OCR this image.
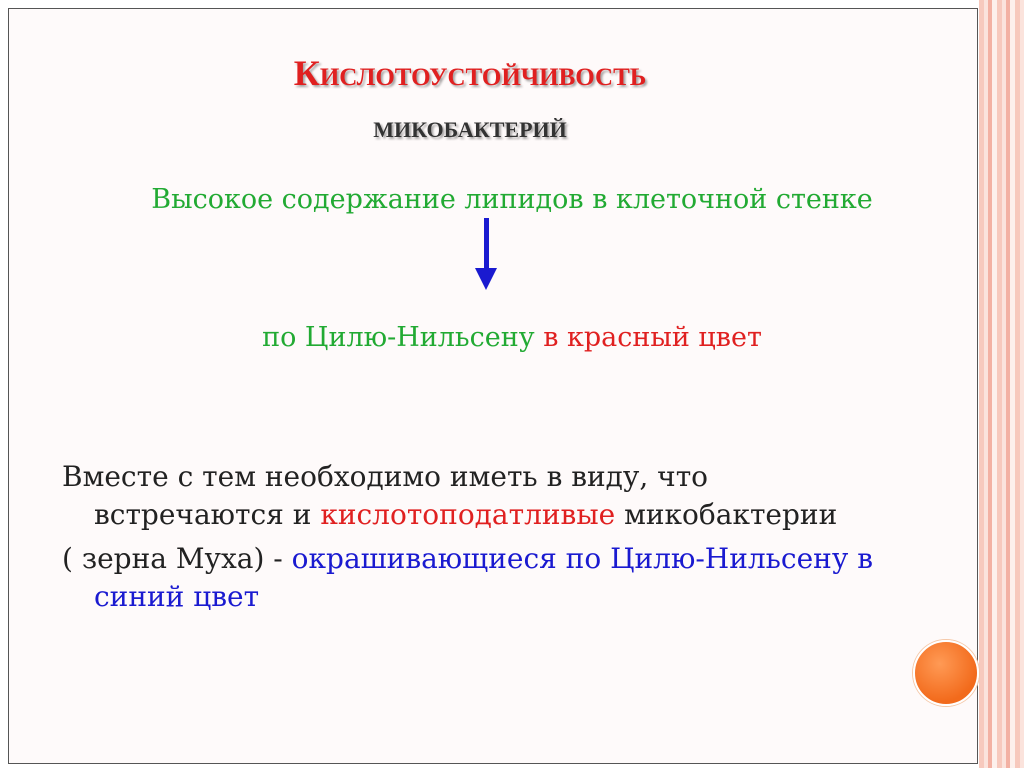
Кислотоустойчивость
микобактерий
Высокое содержание липидов в клеточной стенке
по Цилю-Нильсену в красный цвет

Вместе с тем необходимо иметь в виду, что
встречаются и кислотоподатливые микобактерии

( зерна Муха) - окрашивающиеся по Цилю-Нильсену в
синий цвет
